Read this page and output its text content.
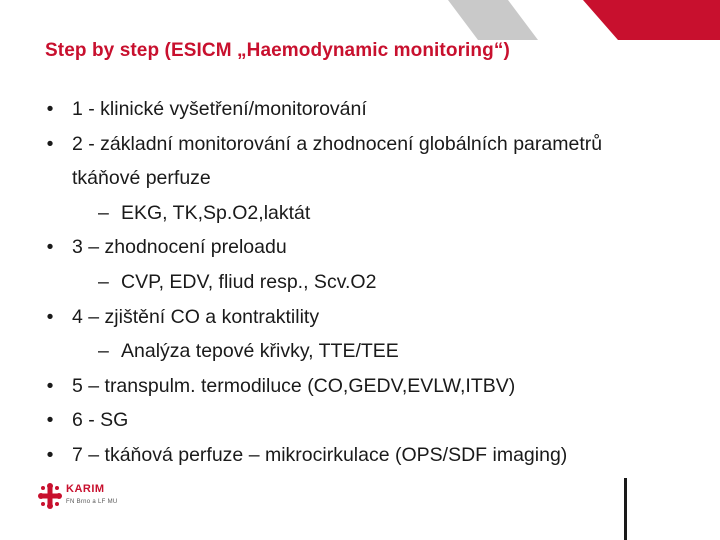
Step by step (ESICM „Haemodynamic monitoring“)
• 1 - klinické vyšetření/monitorování
• 2 - základní monitorování a zhodnocení globálních parametrů
tkáňové perfuze
– EKG, TK,Sp.O2,laktát
• 3 – zhodnocení preloadu
– CVP, EDV, fliud resp., Scv.O2
• 4 – zjištění CO a kontraktility
– Analýza tepové křivky, TTE/TEE
• 5 – transpulm. termodiluce (CO,GEDV,EVLW,ITBV)
• 6 - SG
• 7 – tkáňová perfuze – mikrocirkulace (OPS/SDF imaging)
KARIM
FN Brno a LF MU
